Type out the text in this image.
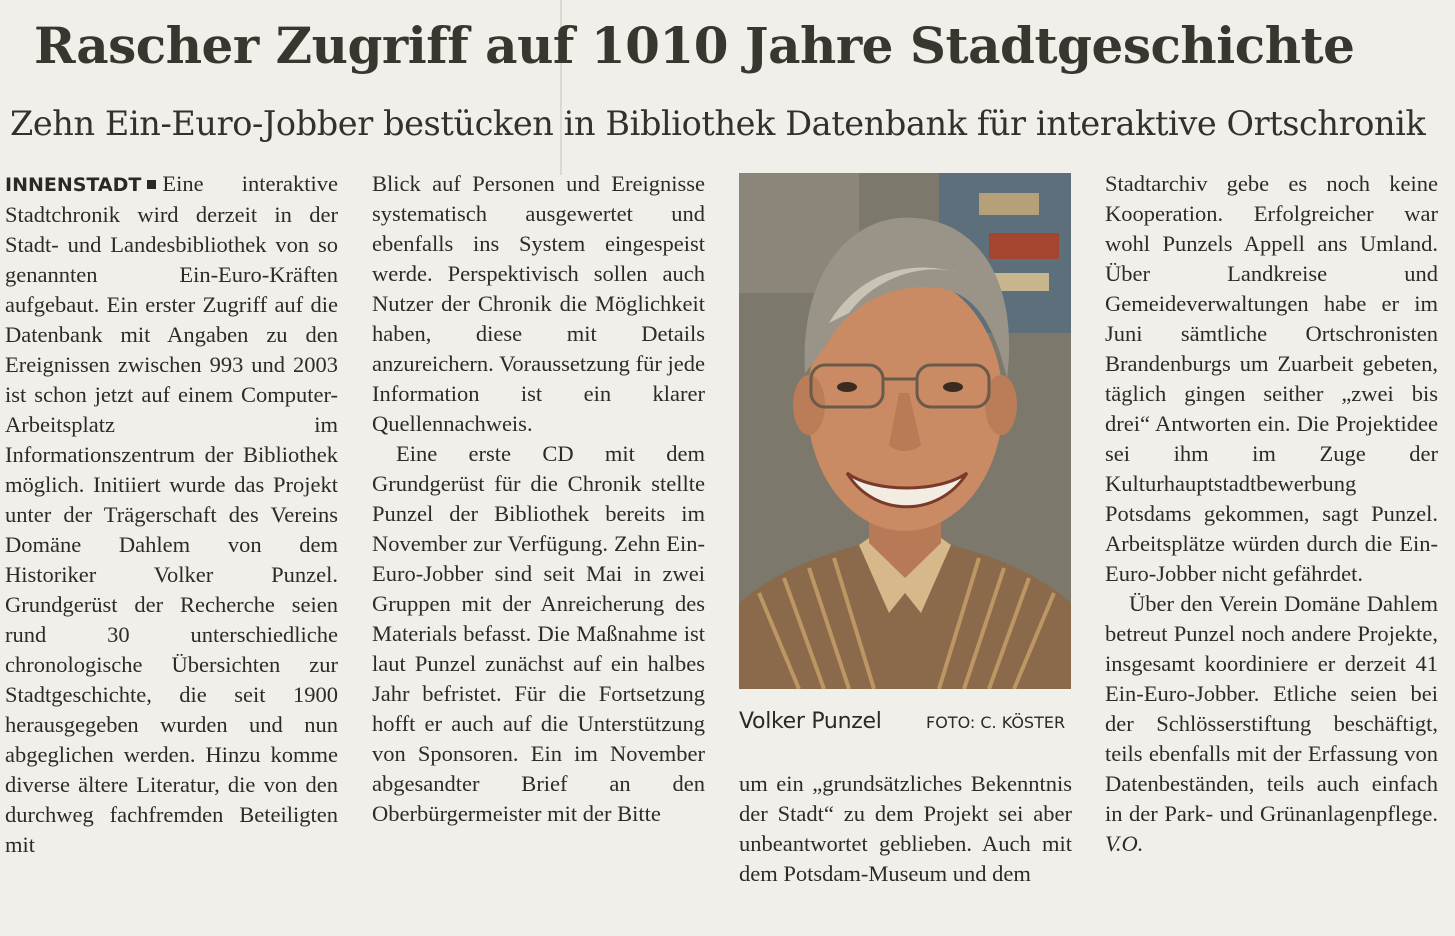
Rascher Zugriff auf 1010 Jahre Stadtgeschichte
Zehn Ein-Euro-Jobber bestücken in Bibliothek Datenbank für interaktive Ortschronik

INNENSTADT Eine interaktive Stadtchronik wird derzeit in der Stadt- und Landesbibliothek von so genannten Ein-Euro-Kräften aufgebaut. Ein erster Zugriff auf die Datenbank mit Angaben zu den Ereignissen zwischen 993 und 2003 ist schon jetzt auf einem Computer-Arbeitsplatz im Informationszentrum der Bibliothek möglich. Initiiert wurde das Projekt unter der Trägerschaft des Vereins Domäne Dahlem von dem Historiker Volker Punzel. Grundgerüst der Recherche seien rund 30 unterschiedliche chronologische Übersichten zur Stadtgeschichte, die seit 1900 herausgegeben wurden und nun abgeglichen werden. Hinzu komme diverse ältere Literatur, die von den durchweg fachfremden Beteiligten mit

Blick auf Personen und Ereignisse systematisch ausgewertet und ebenfalls ins System eingespeist werde. Perspektivisch sollen auch Nutzer der Chronik die Möglichkeit haben, diese mit Details anzureichern. Voraussetzung für jede Information ist ein klarer Quellennachweis.

Eine erste CD mit dem Grundgerüst für die Chronik stellte Punzel der Bibliothek bereits im November zur Verfügung. Zehn Ein-Euro-Jobber sind seit Mai in zwei Gruppen mit der Anreicherung des Materials befasst. Die Maßnahme ist laut Punzel zunächst auf ein halbes Jahr befristet. Für die Fortsetzung hofft er auch auf die Unterstützung von Sponsoren. Ein im November abgesandter Brief an den Oberbürgermeister mit der Bitte

Volker Punzel	FOTO: C. KÖSTER

um ein „grundsätzliches Bekenntnis der Stadt“ zu dem Projekt sei aber unbeantwortet geblieben. Auch mit dem Potsdam-Museum und dem

Stadtarchiv gebe es noch keine Kooperation. Erfolgreicher war wohl Punzels Appell ans Umland. Über Landkreise und Gemeideverwaltungen habe er im Juni sämtliche Ortschronisten Brandenburgs um Zuarbeit gebeten, täglich gingen seither „zwei bis drei“ Antworten ein. Die Projektidee sei ihm im Zuge der Kulturhauptstadtbewerbung Potsdams gekommen, sagt Punzel. Arbeitsplätze würden durch die Ein-Euro-Jobber nicht gefährdet.

Über den Verein Domäne Dahlem betreut Punzel noch andere Projekte, insgesamt koordiniere er derzeit 41 Ein-Euro-Jobber. Etliche seien bei der Schlösserstiftung beschäftigt, teils ebenfalls mit der Erfassung von Datenbeständen, teils auch einfach in der Park- und Grünanlagenpflege. V.O.
